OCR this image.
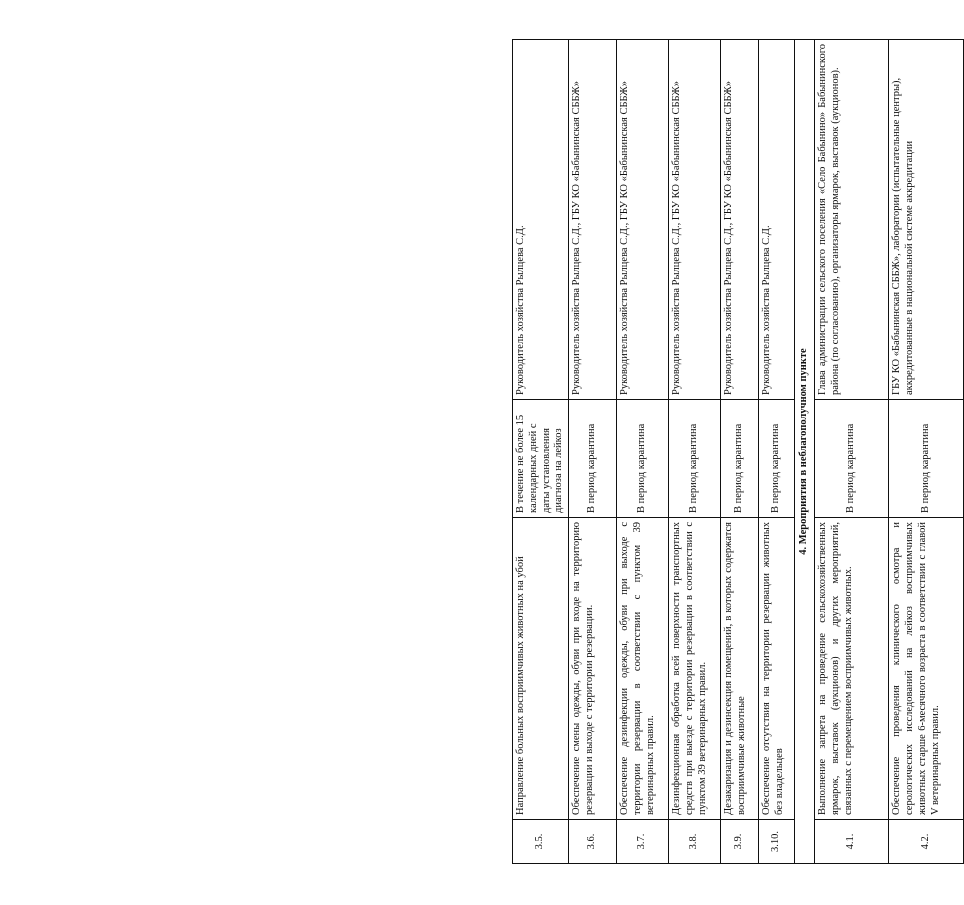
3.5.	Направление больных восприимчивых животных на убой	В течение не более 15 календарных дней с даты установления диагноза на лейкоз	Руководитель хозяйства Рылцева С.Д.
3.6.	Обеспечение смены одежды, обуви при входе на территорию резервации и выходе с территории резервации.	В период карантина	Руководитель хозяйства Рылцева С.Д., ГБУ КО «Бабынинская СББЖ»
3.7.	Обеспечение дезинфекции одежды, обуви при выходе с территории резервации в соответствии с пунктом 39 ветеринарных правил.	В период карантина	Руководитель хозяйства Рылцева С.Д., ГБУ КО «Бабынинская СББЖ»
3.8.	Дезинфекционная обработка всей поверхности транспортных средств при выезде с территории резервации в соответствии с пунктом 39 ветеринарных правил.	В период карантина	Руководитель хозяйства Рылцева С.Д., ГБУ КО «Бабынинская СББЖ»
3.9.	Дезакаризация и дезинсекция помещений, в которых содержатся восприимчивые животные	В период карантина	Руководитель хозяйства Рылцева С.Д., ГБУ КО «Бабынинская СББЖ»
3.10.	Обеспечение отсутствия на территории резервации животных без владельцев	В период карантина	Руководитель хозяйства Рылцева С.Д.
4. Мероприятия в неблагополучном пункте			
4.1.	Выполнение запрета на проведение сельскохозяйственных ярмарок, выставок (аукционов) и других мероприятий, связанных с перемещением восприимчивых животных.	В период карантина	Глава администрации сельского поселения «Село Бабынино» Бабынинского района (по согласованию), организаторы ярмарок, выставок (аукционов).
4.2.	Обеспечение проведения клинического осмотра и серологических исследований на лейкоз восприимчивых животных старше 6-месячного возраста в соответствии с главой V ветеринарных правил.	В период карантина	ГБУ КО «Бабынинская СББЖ», лаборатории (испытательные центры), аккредитованные в национальной системе аккредитации
